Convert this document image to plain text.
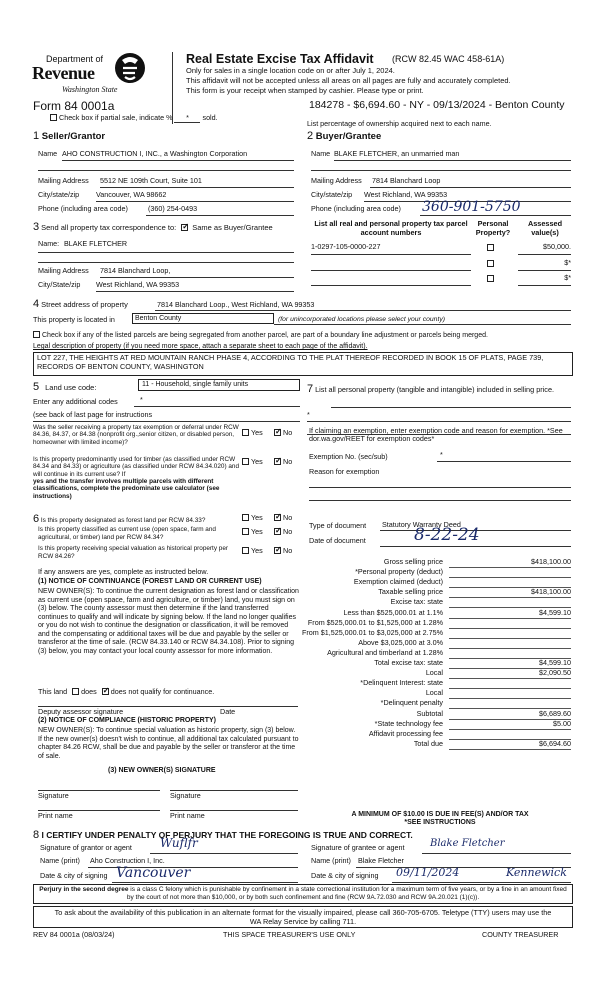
Department of
Revenue
Washington State
Real Estate Excise Tax Affidavit (RCW 82.45 WAC 458-61A)
Only for sales in a single location code on or after July 1, 2024.
This affidavit will not be accepted unless all areas on all pages are fully and accurately completed.
This form is your receipt when stamped by cashier. Please type or print.
Form 84 0001a	184278 - $6,694.60 - NY - 09/13/2024 - Benton County
Check box if partial sale, indicate % * sold.
List percentage of ownership acquired next to each name.
1 Seller/Grantor
Name AHO CONSTRUCTION I, INC., a Washington Corporation
Mailing Address 5512 NE 109th Court, Suite 101
City/state/zip Vancouver, WA 98662
Phone (including area code)	(360) 254-0493
2 Buyer/Grantee
Name BLAKE FLETCHER, an unmarried man
Mailing Address 7814 Blanchard Loop
City/state/zip West Richland, WA 99353
Phone (including area code) 360-901-5750
3 Send all property tax correspondence to: ✓ Same as Buyer/Grantee
Name: BLAKE FLETCHER
Mailing Address 7814 Blanchard Loop,
City/State/zip West Richland, WA 99353
List all real and personal property tax parcel account numbers
Personal Property?
Assessed value(s)
1-0297-105-0000-227	$50,000.
$*
$*
4 Street address of property	7814 Blanchard Loop., West Richland, WA 99353
This property is located in	Benton County	(for unincorporated locations please select your county)
Check box if any of the listed parcels are being segregated from another parcel, are part of a boundary line adjustment or parcels being merged.
Legal description of property (if you need more space, attach a separate sheet to each page of the affidavit).
LOT 227, THE HEIGHTS AT RED MOUNTAIN RANCH PHASE 4, ACCORDING TO THE PLAT THEREOF RECORDED IN BOOK 15 OF PLATS, PAGE 739, RECORDS OF BENTON COUNTY, WASHINGTON
5 Land use code:	11 - Household, single family units
Enter any additional codes	*
(see back of last page for instructions
Was the seller receiving a property tax exemption or deferral under RCW 84.36, 84.37, or 84.38 (nonprofit org.,senior citizen, or disabled person, homeowner with limited income)?
Yes ✓	No
Is this property predominantly used for timber (as classified under RCW 84.34 and 84.33) or agriculture (as classified under RCW 84.34.020) and will continue in its current use? If
yes and the transfer involves multiple parcels with different classifications, complete the predominate use calculator (see instructions)
Yes ✓	No
7 List all personal property (tangible and intangible) included in selling price.
*
If claiming an exemption, enter exemption code and reason for exemption. *See dor.wa.gov/REET for exemption codes*
Exemption No. (sec/sub)	*
Reason for exemption
6 Is this property designated as forest land per RCW 84.33?	Yes ✓	No
Is this property classified as current use (open space, farm and agricultural, or timber) land per RCW 84.34?
Yes ✓	No
Is this property receiving special valuation as historical property per RCW 84.26?
Yes ✓	No
If any answers are yes, complete as instructed below.
(1) NOTICE OF CONTINUANCE (FOREST LAND OR CURRENT USE)
NEW OWNER(S): To continue the current designation as forest land or classification as current use (open space, farm and agriculture, or timber) land, you must sign on (3) below. The county assessor must then determine if the land transferred continues to qualify and will indicate by signing below. If the land no longer qualifies or you do not wish to continue the designation or classification, it will be removed and the compensating or additional taxes will be due and payable by the seller or transferor at the time of sale. (RCW 84.33.140 or RCW 84.34.108). Prior to signing (3) below, you may contact your local county assessor for more information.
This land does ✓ does not qualify for continuance.
Deputy assessor signature	Date
(2) NOTICE OF COMPLIANCE (HISTORIC PROPERTY)
NEW OWNER(S): To continue special valuation as historic property, sign (3) below. If the new owner(s) doesn't wish to continue, all additional tax calculated pursuant to chapter 84.26 RCW, shall be due and payable by the seller or transferor at the time of sale.
(3) NEW OWNER(S) SIGNATURE
Signature	Signature
Print name	Print name
Type of document Statutory Warranty Deed
Date of document	8-22-24
Gross selling price	$418,100.00
*Personal property (deduct)
Exemption claimed (deduct)
Taxable selling price	$418,100.00
Excise tax: state
Less than $525,000.01 at 1.1%	$4,599.10
From $525,000.01 to $1,525,000 at 1.28%
From $1,525,000.01 to $3,025,000 at 2.75%
Above $3,025,000 at 3.0%
Agricultural and timberland at 1.28%
Total excise tax: state	$4,599.10
Local	$2,090.50
*Delinquent Interest: state
Local
*Delinquent penalty
Subtotal	$6,689.60
*State technology fee	$5.00
Affidavit processing fee
Total due	$6,694.60
A MINIMUM OF $10.00 IS DUE IN FEE(S) AND/OR TAX
*SEE INSTRUCTIONS
8 I CERTIFY UNDER PENALTY OF PERJURY THAT THE FOREGOING IS TRUE AND CORRECT.
Signature of grantor or agent Wuflfr	Signature of grantee or agent	Blake Fletcher
Name (print) Aho Construction I, Inc.	Name (print) Blake Fletcher
Date & city of signing Vancouver	Date & city of signing 09/11/2024	Kennewick
Perjury in the second degree is a class C felony which is punishable by confinement in a state correctional institution for a maximum term of five years, or by a fine in an amount fixed by the court of not more than $10,000, or by both such confinement and fine (RCW 9A.72.030 and RCW 9A.20.021 (1)(c)).
To ask about the availability of this publication in an alternate format for the visually impaired, please call 360-705-6705. Teletype (TTY) users may use the WA Relay Service by calling 711.
REV 84 0001a (08/03/24)	THIS SPACE TREASURER'S USE ONLY	COUNTY TREASURER
